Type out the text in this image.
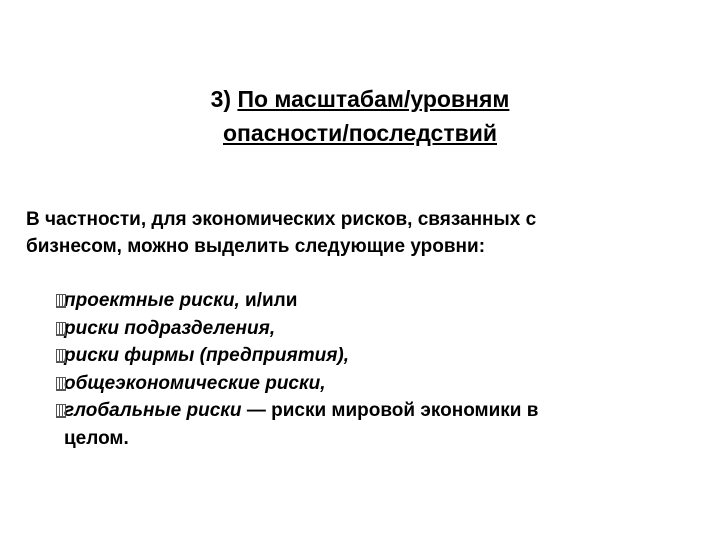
3) По масштабам/уровням
опасности/последствий
В частности, для экономических рисков, связанных с
бизнесом, можно выделить следующие уровни:
проектные риски, и/или
риски подразделения,
риски фирмы (предприятия),
общеэкономические риски,
глобальные риски — риски мировой экономики в
целом.
